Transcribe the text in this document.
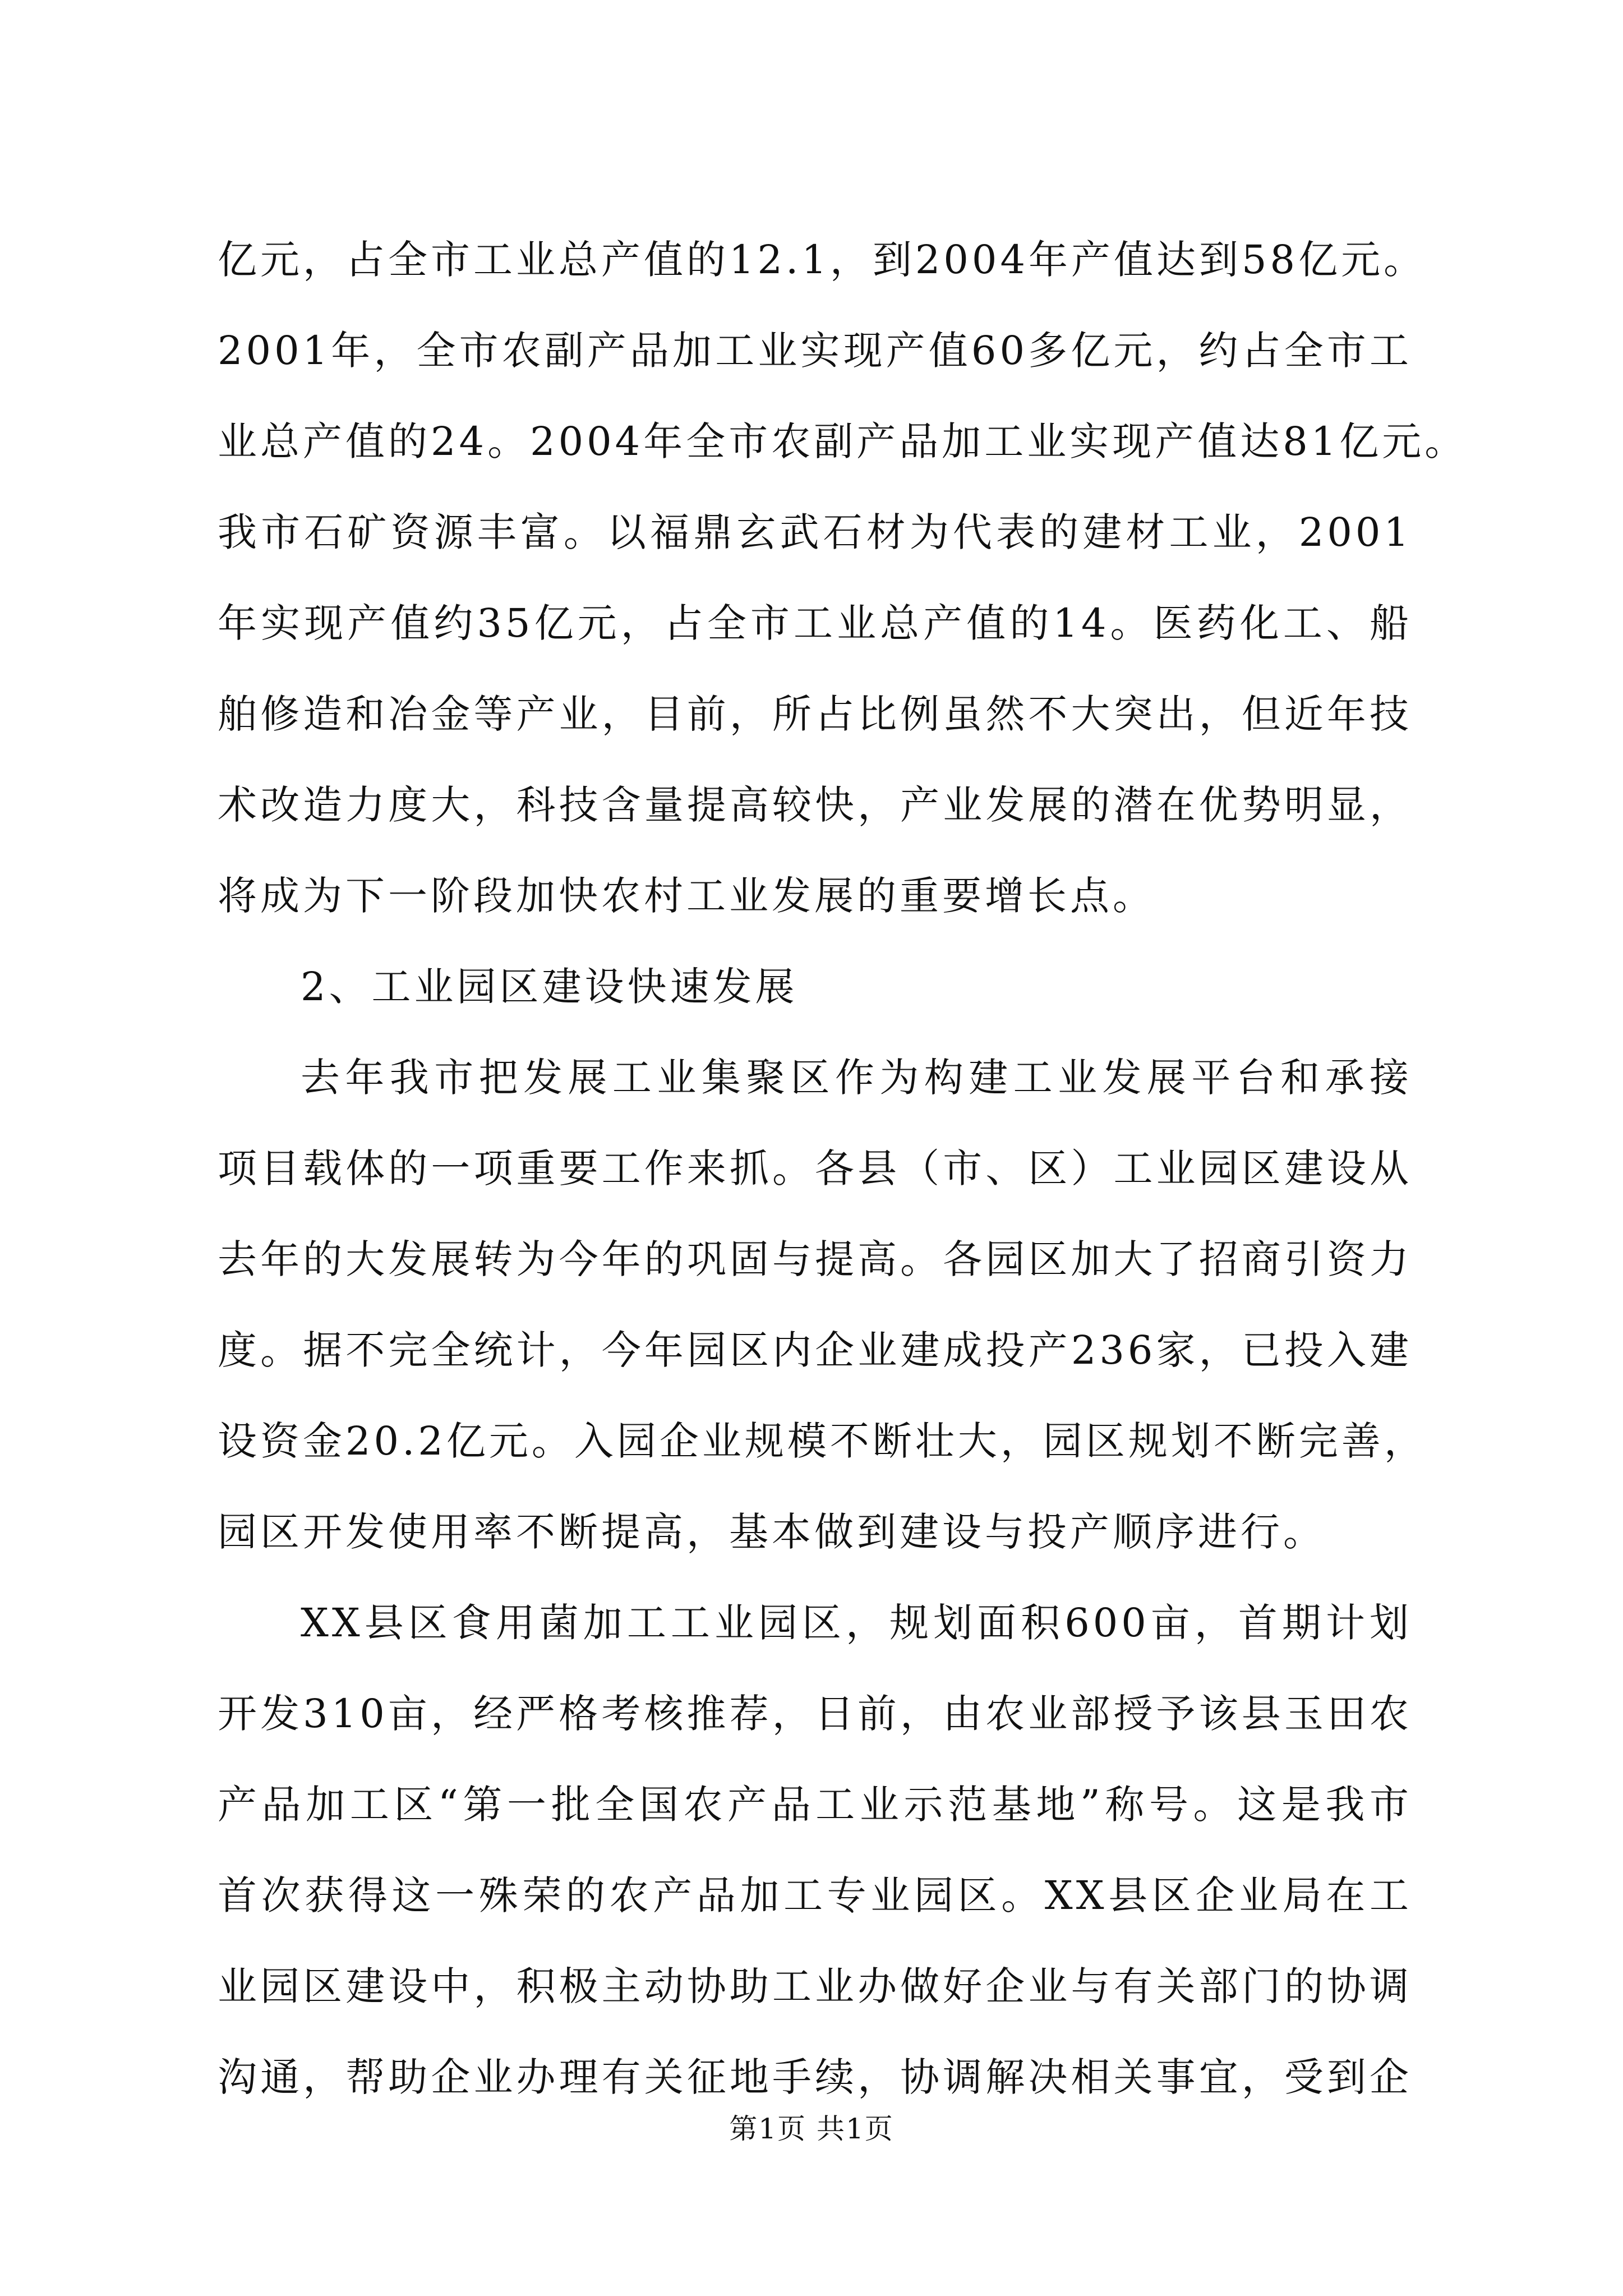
亿元，占全市工业总产值的12.1，到2004年产值达到58亿元。
2001年，全市农副产品加工业实现产值60多亿元，约占全市工
业总产值的24。2004年全市农副产品加工业实现产值达81亿元。
我市石矿资源丰富。以福鼎玄武石材为代表的建材工业，2001
年实现产值约35亿元，占全市工业总产值的14。医药化工、船
舶修造和冶金等产业，目前，所占比例虽然不大突出，但近年技
术改造力度大，科技含量提高较快，产业发展的潜在优势明显，
将成为下一阶段加快农村工业发展的重要增长点。
2、工业园区建设快速发展
去年我市把发展工业集聚区作为构建工业发展平台和承接
项目载体的一项重要工作来抓。各县（市、区）工业园区建设从
去年的大发展转为今年的巩固与提高。各园区加大了招商引资力
度。据不完全统计，今年园区内企业建成投产236家，已投入建
设资金20.2亿元。入园企业规模不断壮大，园区规划不断完善，
园区开发使用率不断提高，基本做到建设与投产顺序进行。
XX县区食用菌加工工业园区，规划面积600亩，首期计划
开发310亩，经严格考核推荐，日前，由农业部授予该县玉田农
产品加工区“第一批全国农产品工业示范基地”称号。这是我市
首次获得这一殊荣的农产品加工专业园区。XX县区企业局在工
业园区建设中，积极主动协助工业办做好企业与有关部门的协调
沟通，帮助企业办理有关征地手续，协调解决相关事宜，受到企
第1页 共1页
